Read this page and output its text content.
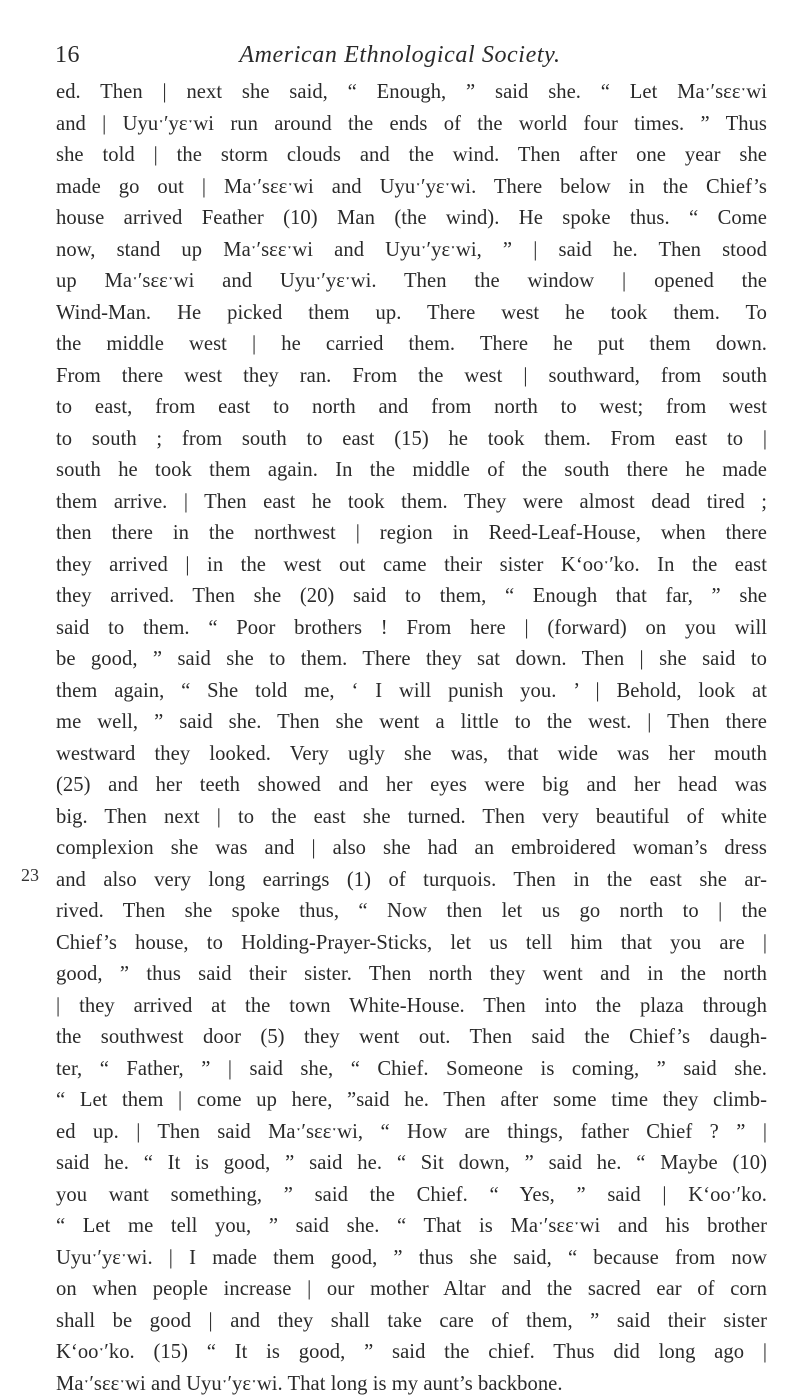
16	American Ethnological Society.
23
ed. Then | next she said, “ Enough, ” said she. “ Let Maˑ′sɛɛˑwi
and | Uyuˑ′yɛˑwi run around the ends of the world four times. ” Thus
she told | the storm clouds and the wind. Then after one year she
made go out | Maˑ′sɛɛˑwi and Uyuˑ′yɛˑwi. There below in the Chief’s
house arrived Feather (10) Man (the wind). He spoke thus. “ Come
now, stand up Maˑ′sɛɛˑwi and Uyuˑ′yɛˑwi, ” | said he. Then stood
up Maˑ′sɛɛˑwi and Uyuˑ′yɛˑwi. Then the window | opened the
Wind-Man. He picked them up. There west he took them. To
the middle west | he carried them. There he put them down.
From there west they ran. From the west | southward, from south
to east, from east to north and from north to west; from west
to south ; from south to east (15) he took them. From east to |
south he took them again. In the middle of the south there he made
them arrive. | Then east he took them. They were almost dead tired ;
then there in the northwest | region in Reed-Leaf-House, when there
they arrived | in the west out came their sister K‘ooˑ′ko. In the east
they arrived. Then she (20) said to them, “ Enough that far, ” she
said to them. “ Poor brothers ! From here | (forward) on you will
be good, ” said she to them. There they sat down. Then | she said to
them again, “ She told me, ‘ I will punish you. ’ | Behold, look at
me well, ” said she. Then she went a little to the west. | Then there
westward they looked. Very ugly she was, that wide was her mouth
(25) and her teeth showed and her eyes were big and her head was
big. Then next | to the east she turned. Then very beautiful of white
complexion she was and | also she had an embroidered woman’s dress
and also very long earrings (1) of turquois. Then in the east she ar-
rived. Then she spoke thus, “ Now then let us go north to | the
Chief’s house, to Holding-Prayer-Sticks, let us tell him that you are |
good, ” thus said their sister. Then north they went and in the north
| they arrived at the town White-House. Then into the plaza through
the southwest door (5) they went out. Then said the Chief’s daugh-
ter, “ Father, ” | said she, “ Chief. Someone is coming, ” said she.
“ Let them | come up here, ”said he. Then after some time they climb-
ed up. | Then said Maˑ′sɛɛˑwi, “ How are things, father Chief ? ” |
said he. “ It is good, ” said he. “ Sit down, ” said he. “ Maybe (10)
you want something, ” said the Chief. “ Yes, ” said | K‘ooˑ′ko.
“ Let me tell you, ” said she. “ That is Maˑ′sɛɛˑwi and his brother
Uyuˑ′yɛˑwi. | I made them good, ” thus she said, “ because from now
on when people increase | our mother Altar and the sacred ear of corn
shall be good | and they shall take care of them, ” said their sister
K‘ooˑ′ko. (15) “ It is good, ” said the chief. Thus did long ago |
Maˑ′sɛɛˑwi and Uyuˑ′yɛˑwi. That long is my aunt’s backbone.
